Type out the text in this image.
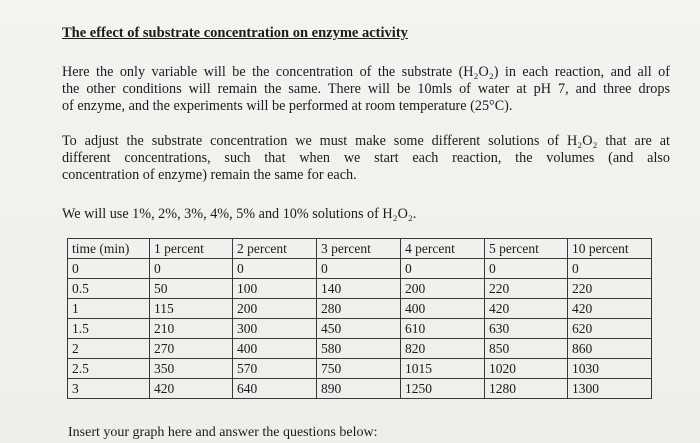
The effect of substrate concentration on enzyme activity
Here the only variable will be the concentration of the substrate (H₂O₂) in each reaction, and all of
the other conditions will remain the same. There will be 10mls of water at pH 7, and three drops
of enzyme, and the experiments will be performed at room temperature (25°C).
To adjust the substrate concentration we must make some different solutions of H₂O₂ that are at
different concentrations, such that when we start each reaction, the volumes (and also
concentration of enzyme) remain the same for each.
We will use 1%, 2%, 3%, 4%, 5% and 10% solutions of H₂O₂.
time (min)	1 percent	2 percent	3 percent	4 percent	5 percent	10 percent
0	0	0	0	0	0	0
0.5	50	100	140	200	220	220
1	115	200	280	400	420	420
1.5	210	300	450	610	630	620
2	270	400	580	820	850	860
2.5	350	570	750	1015	1020	1030
3	420	640	890	1250	1280	1300
Insert your graph here and answer the questions below:
